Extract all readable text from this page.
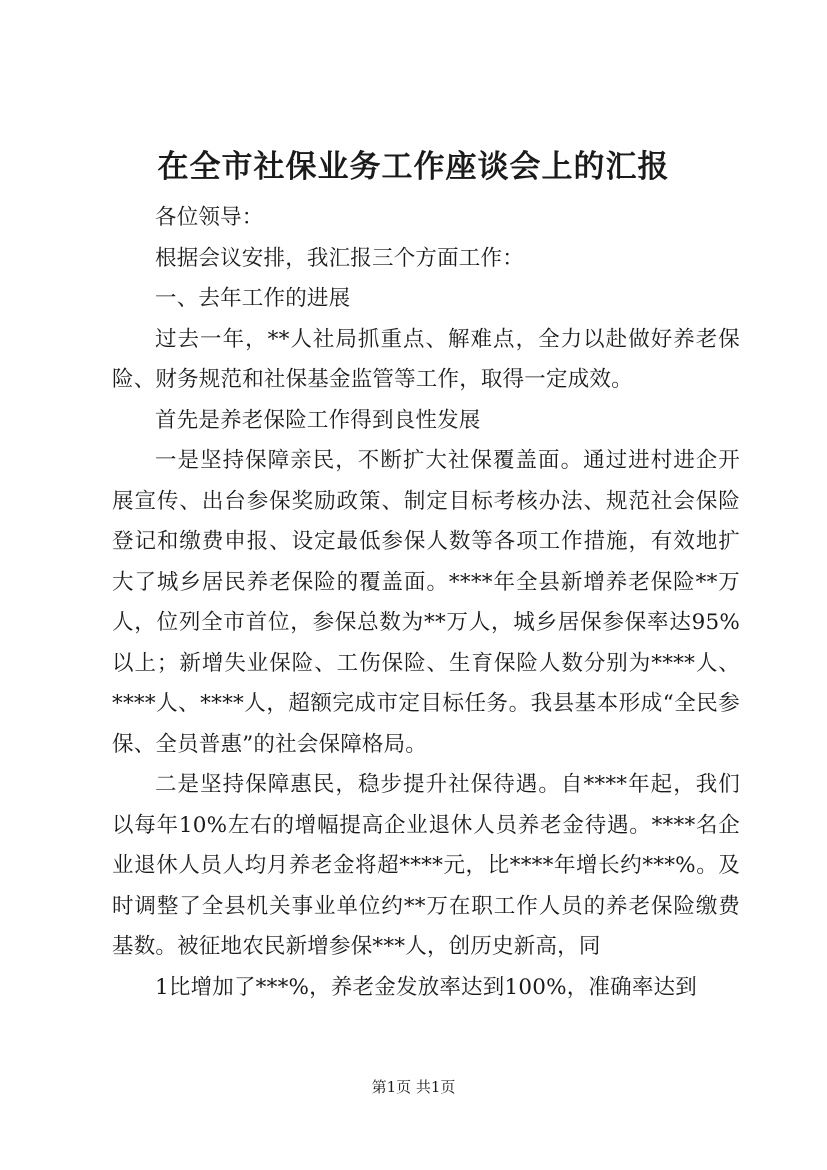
在全市社保业务工作座谈会上的汇报

各位领导：

根据会议安排，我汇报三个方面工作：

一、去年工作的进展

过去一年，**人社局抓重点、解难点，全力以赴做好养老保险、财务规范和社保基金监管等工作，取得一定成效。

首先是养老保险工作得到良性发展

一是坚持保障亲民，不断扩大社保覆盖面。通过进村进企开展宣传、出台参保奖励政策、制定目标考核办法、规范社会保险登记和缴费申报、设定最低参保人数等各项工作措施，有效地扩大了城乡居民养老保险的覆盖面。****年全县新增养老保险**万人，位列全市首位，参保总数为**万人，城乡居保参保率达95%以上；新增失业保险、工伤保险、生育保险人数分别为****人、****人、****人，超额完成市定目标任务。我县基本形成“全民参保、全员普惠”的社会保障格局。

二是坚持保障惠民，稳步提升社保待遇。自****年起，我们以每年10%左右的增幅提高企业退休人员养老金待遇。****名企业退休人员人均月养老金将超****元，比****年增长约***%。及时调整了全县机关事业单位约**万在职工作人员的养老保险缴费基数。被征地农民新增参保***人，创历史新高，同

1比增加了***%，养老金发放率达到100%，准确率达到

第1页 共1页
